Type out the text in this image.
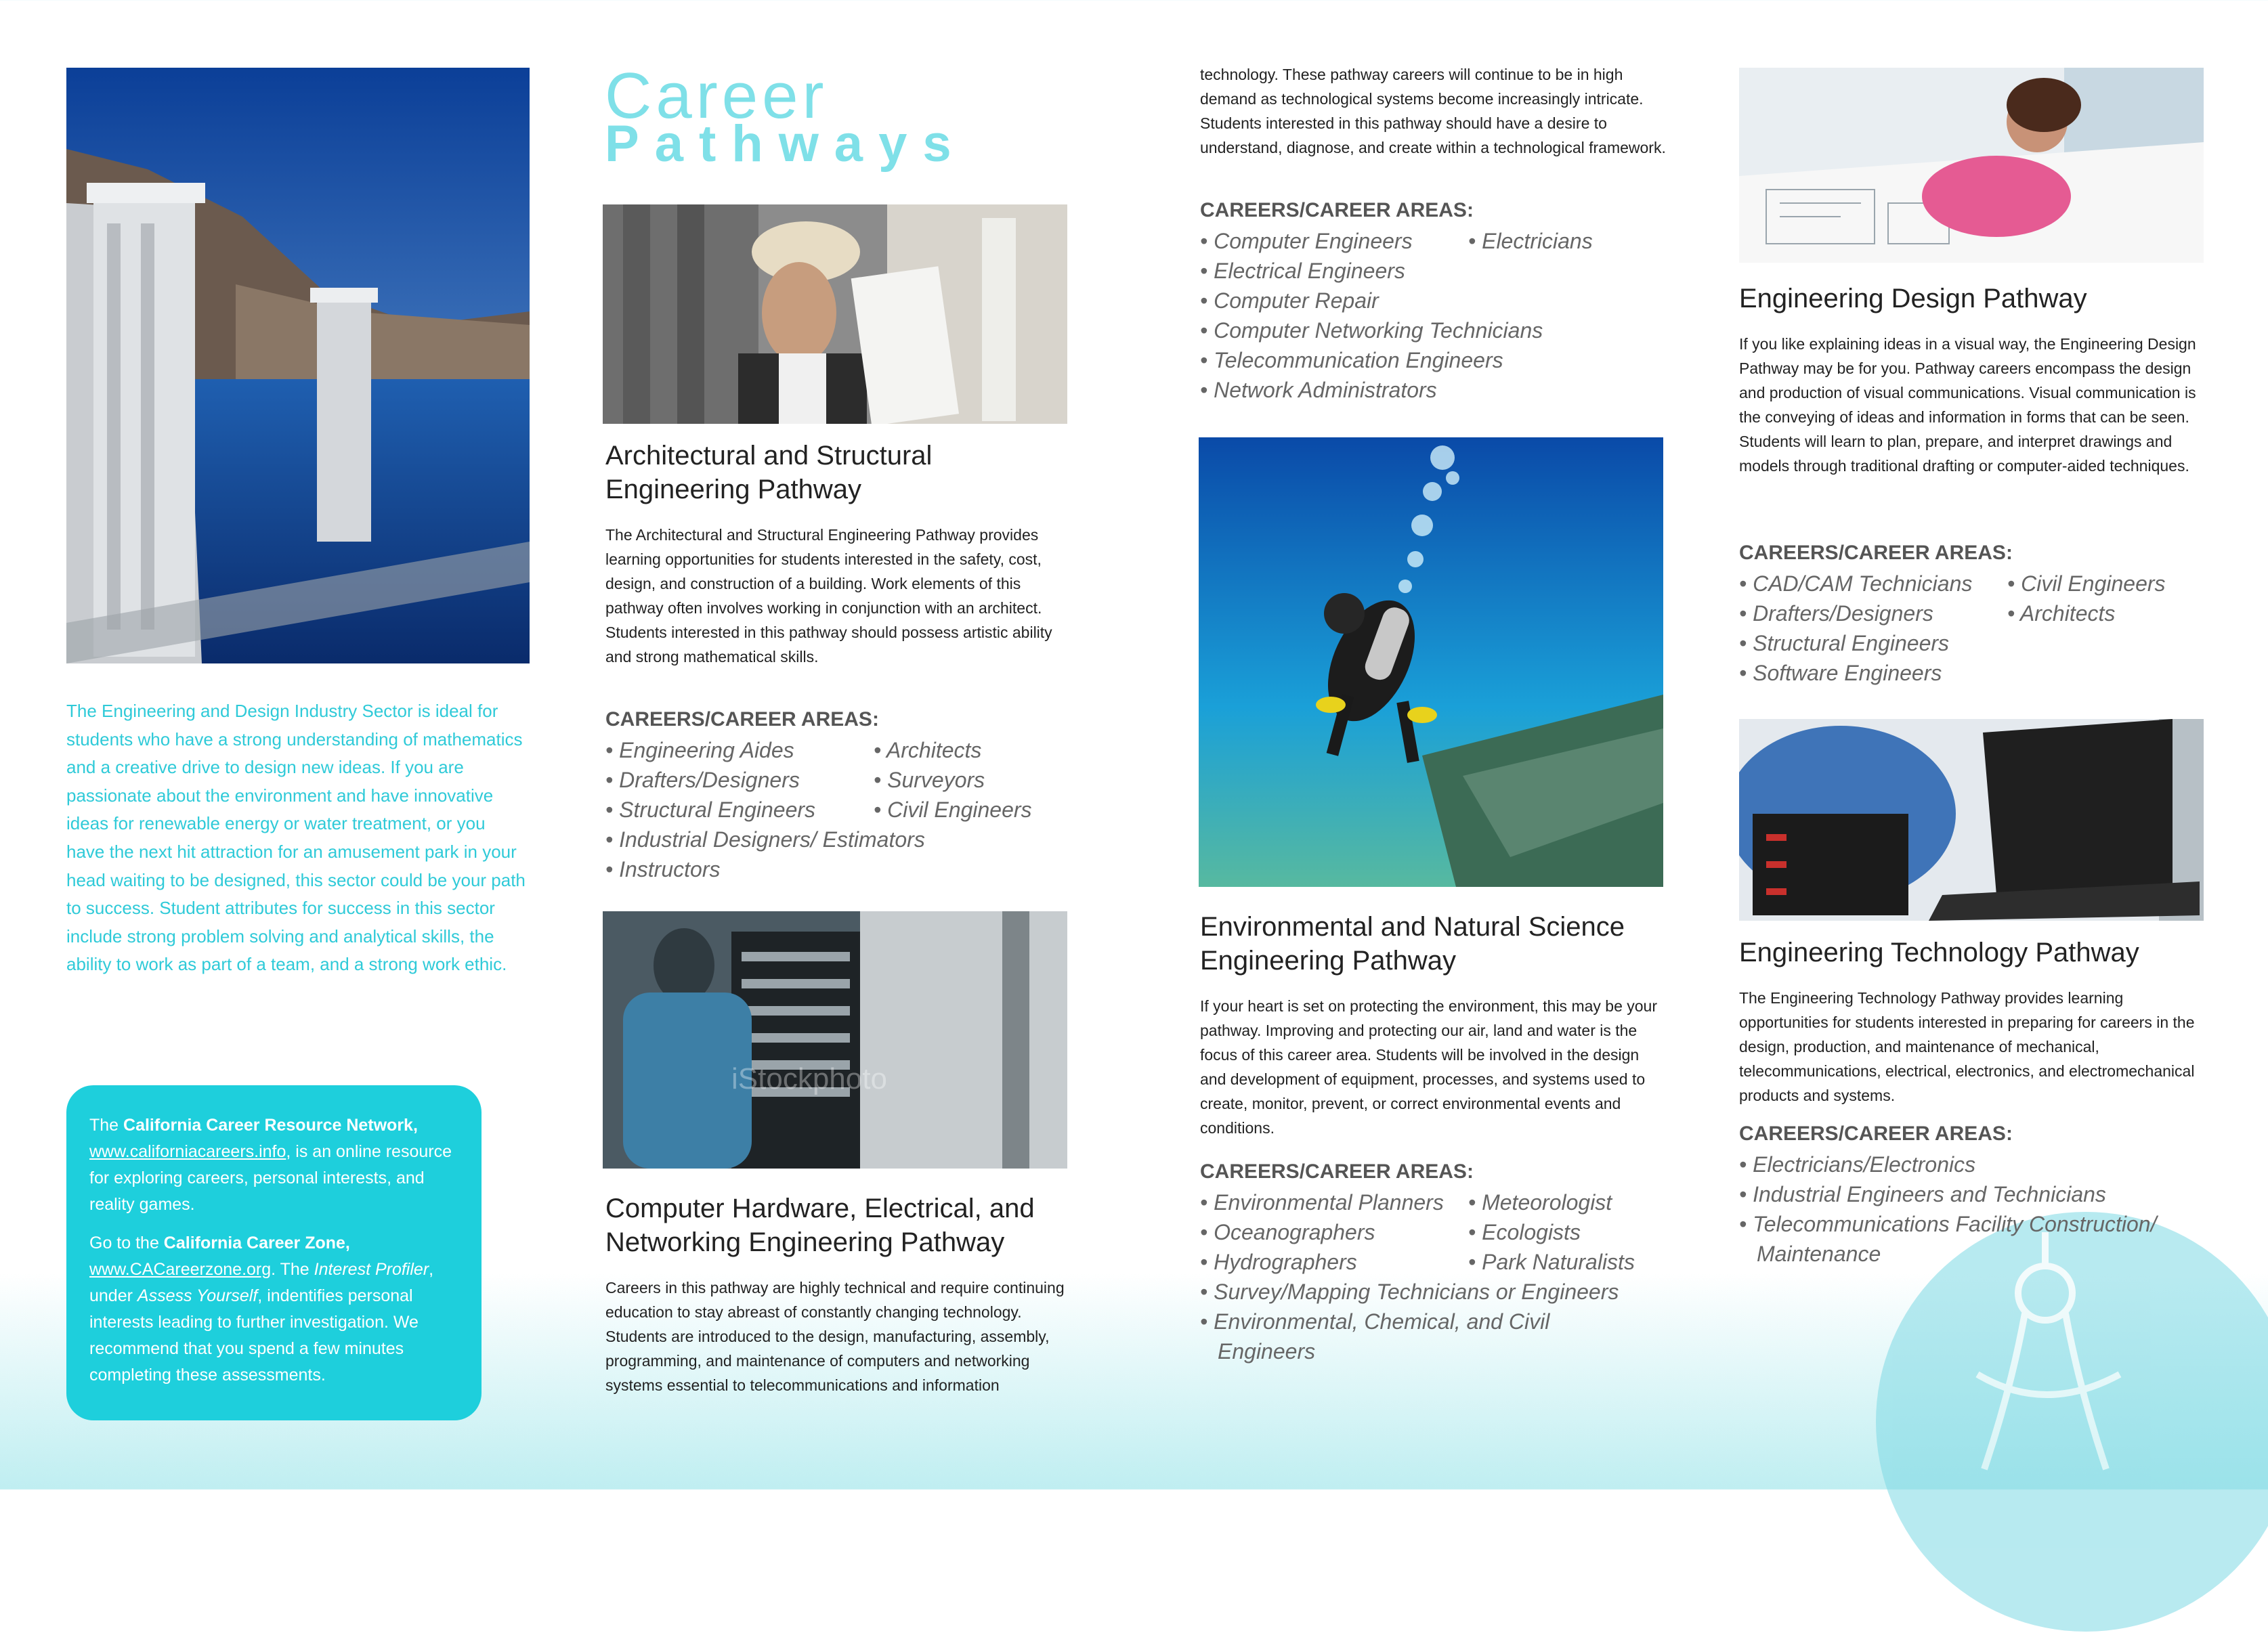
The Engineering and Design Industry Sector is ideal for students who have a strong understanding of mathematics and a creative drive to design new ideas. If you are passionate about the environment and have innovative ideas for renewable energy or water treatment, or you have the next hit attraction for an amusement park in your head waiting to be designed, this sector could be your path to success. Student attributes for success in this sector include strong problem solving and analytical skills, the ability to work as part of a team, and a strong work ethic.

The California Career Resource Network, www.californiacareers.info, is an online resource for exploring careers, personal interests, and reality games.

Go to the California Career Zone, www.CACareerzone.org. The Interest Profiler, under Assess Yourself, indentifies personal interests leading to further investigation. We recommend that you spend a few minutes completing these assessments.

Career
Pathways
Architectural and Structural Engineering Pathway

The Architectural and Structural Engineering Pathway provides learning opportunities for students interested in the safety, cost, design, and construction of a building. Work elements of this pathway often involves working in conjunction with an architect. Students interested in this pathway should possess artistic ability and strong mathematical skills.

CAREERS/CAREER AREAS:
• Engineering Aides
• Drafters/Designers
• Structural Engineers
• Industrial Designers/ Estimators
• Instructors
• Architects
• Surveyors
• Civil Engineers
iStockphoto
Computer Hardware, Electrical, and Networking Engineering Pathway

Careers in this pathway are highly technical and require continuing education to stay abreast of constantly changing technology. Students are introduced to the design, manufacturing, assembly, programming, and maintenance of computers and networking systems essential to telecommunications and information

technology. These pathway careers will continue to be in high demand as technological systems become increasingly intricate. Students interested in this pathway should have a desire to understand, diagnose, and create within a technological framework.

CAREERS/CAREER AREAS:
• Computer Engineers
• Electrical Engineers
• Computer Repair
• Computer Networking Technicians
• Telecommunication Engineers
• Network Administrators
• Electricians
Environmental and Natural Science Engineering Pathway

If your heart is set on protecting the environment, this may be your pathway. Improving and protecting our air, land and water is the focus of this career area. Students will be involved in the design and development of equipment, processes, and systems used to create, monitor, prevent, or correct environmental events and conditions.

CAREERS/CAREER AREAS:
• Environmental Planners
• Oceanographers
• Hydrographers
• Survey/Mapping Technicians or Engineers
• Environmental, Chemical, and Civil Engineers
• Meteorologist
• Ecologists
• Park Naturalists
Engineering Design Pathway

If you like explaining ideas in a visual way, the Engineering Design Pathway may be for you. Pathway careers encompass the design and production of visual communications. Visual communication is the conveying of ideas and information in forms that can be seen. Students will learn to plan, prepare, and interpret drawings and models through traditional drafting or computer-aided techniques.

CAREERS/CAREER AREAS:
• CAD/CAM Technicians
• Drafters/Designers
• Structural Engineers
• Software Engineers
• Civil Engineers
• Architects
Engineering Technology Pathway

The Engineering Technology Pathway provides learning opportunities for students interested in preparing for careers in the design, production, and maintenance of mechanical, telecommunications, electrical, electronics, and electromechanical products and systems.

CAREERS/CAREER AREAS:
• Electricians/Electronics
• Industrial Engineers and Technicians
• Telecommunications Facility Construction/ Maintenance
